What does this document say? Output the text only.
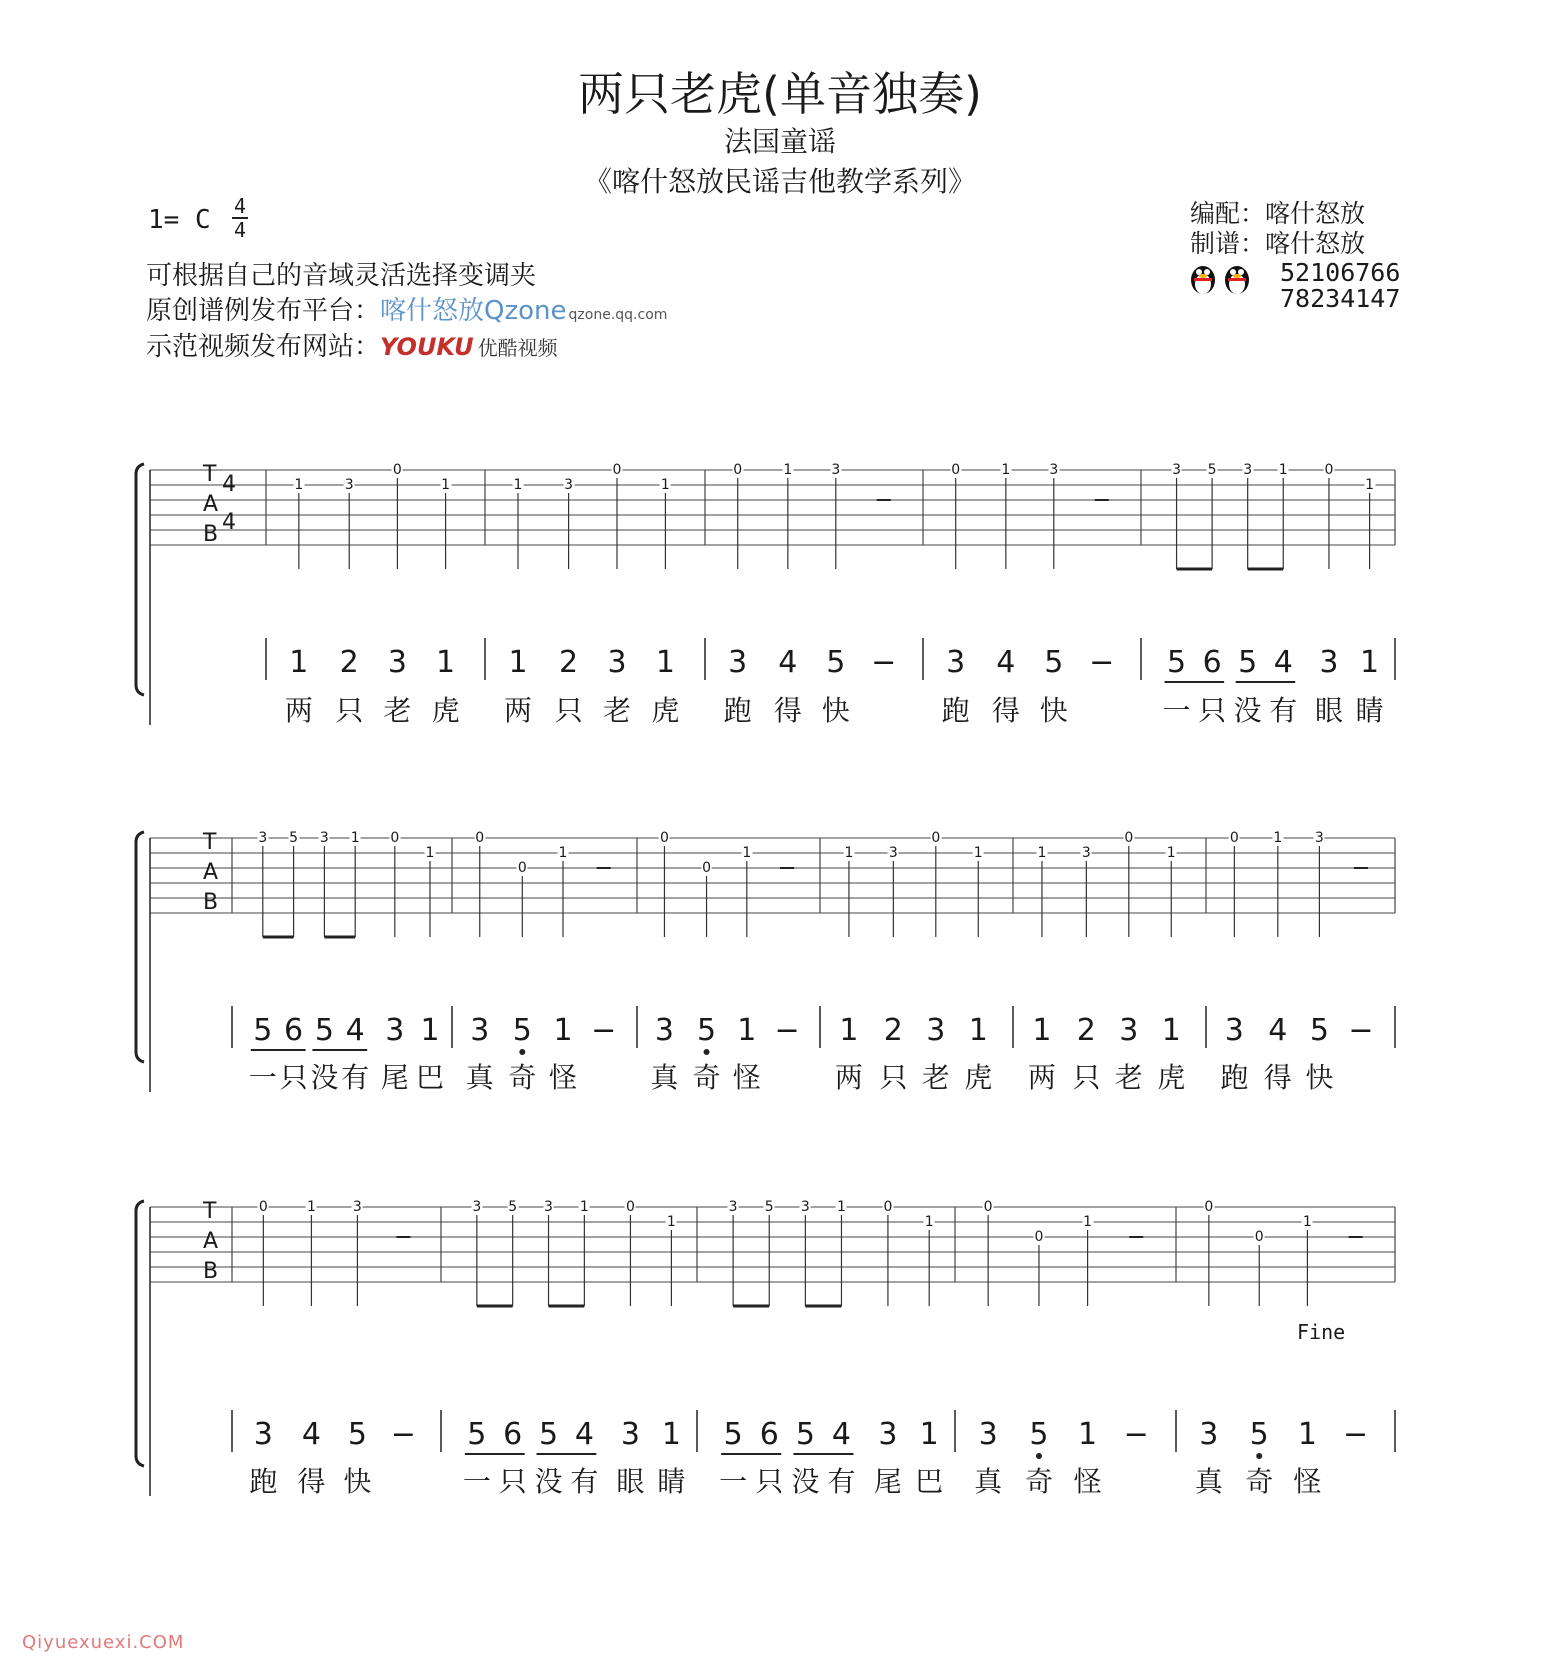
两只老虎(单音独奏)
法国童谣
《喀什怒放民谣吉他教学系列》
1= C 4
4
可根据自己的音域灵活选择变调夹
原创谱例发布平台：喀什怒放Qzone qzone.qq.com
示范视频发布网站：YOUKU 优酷视频
编配：喀什怒放
制谱：喀什怒放
52106766
78234147
T
A
B
4
4
1
两
1
2
只
3
3
老
0
1
虎
1
1
两
1
2
只
3
3
老
0
1
虎
1
3
跑
0
4
得
1
5
快
3
− 3
跑
0
4
得
1
5
快
3
− 5
一
3
6
只
5
5
没
3
4
有
1
3
眼
0
1
睛
1
T
A
B
5
一
3
6
只
5
5
没
3
4
有
1
3
尾
0
1
巴
1
3
真
0
5
奇
0
1
怪
1
− 3
真
0
5
奇
0
1
怪
1
− 1
两
1
2
只
3
3
老
0
1
虎
1
1
两
1
2
只
3
3
老
0
1
虎
1
3
跑
0
4
得
1
5
快
3
−
T
A
B
3
跑
0
4
得
1
5
快
3
− 5
一
3
6
只
5
5
没
3
4
有
1
3
眼
0
1
睛
1
5
一
3
6
只
5
5
没
3
4
有
1
3
尾
0
1
巴
1
3
真
0
5
奇
0
1
怪
1
− 3
真
0
5
奇
0
1
怪
1
−
Fine
Qiyuexuexi.COM
